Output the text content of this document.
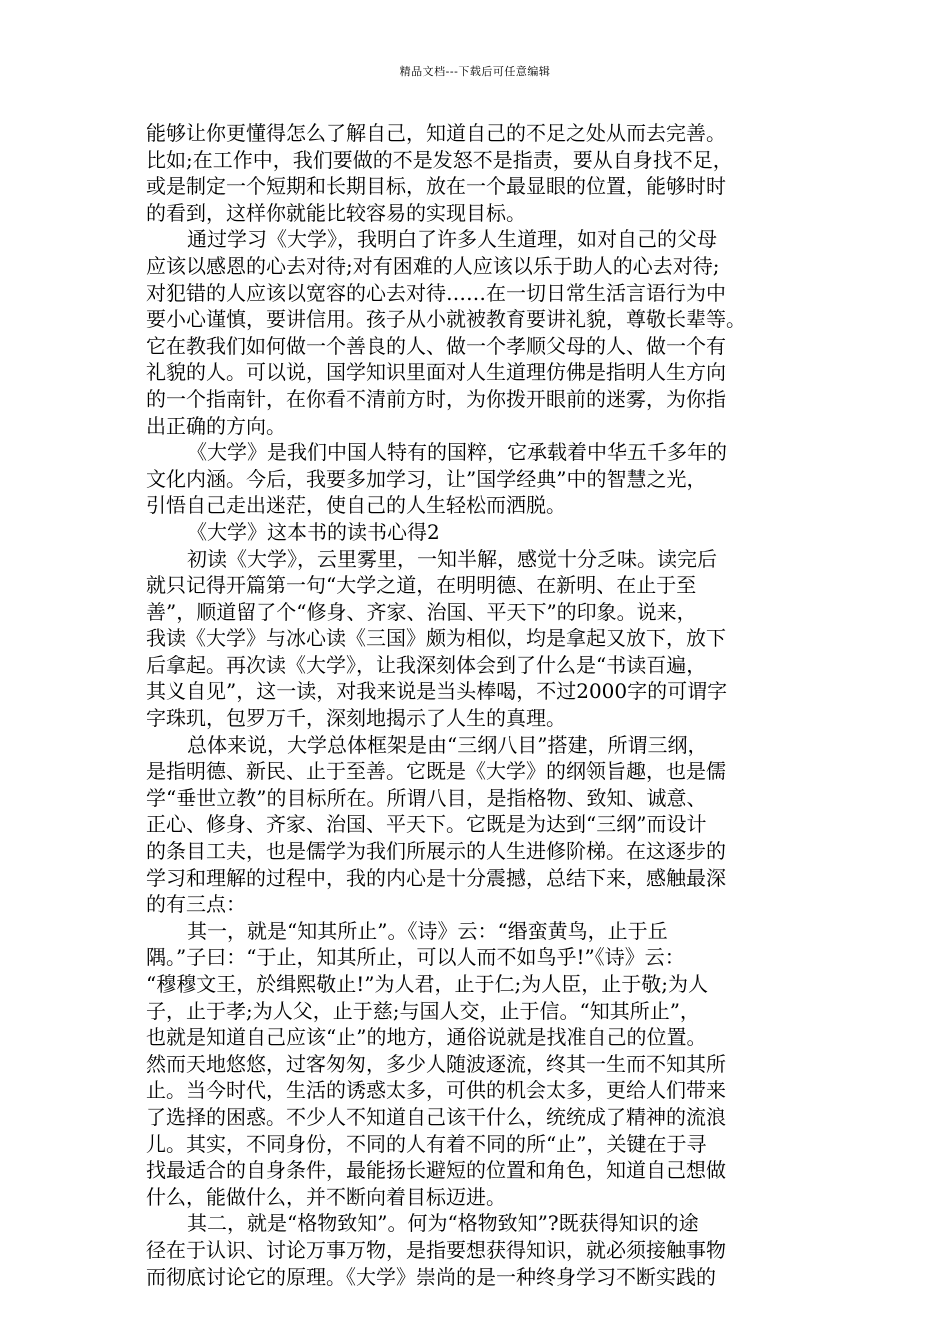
精品文档---下载后可任意编辑
能够让你更懂得怎么了解自己，知道自己的不足之处从而去完善。
比如;在工作中，我们要做的不是发怒不是指责，要从自身找不足，
或是制定一个短期和长期目标，放在一个最显眼的位置，能够时时
的看到，这样你就能比较容易的实现目标。
通过学习《大学》，我明白了许多人生道理，如对自己的父母
应该以感恩的心去对待;对有困难的人应该以乐于助人的心去对待;
对犯错的人应该以宽容的心去对待……在一切日常生活言语行为中
要小心谨慎，要讲信用。孩子从小就被教育要讲礼貌，尊敬长辈等。
它在教我们如何做一个善良的人、做一个孝顺父母的人、做一个有
礼貌的人。可以说，国学知识里面对人生道理仿佛是指明人生方向
的一个指南针，在你看不清前方时，为你拨开眼前的迷雾，为你指
出正确的方向。
《大学》是我们中国人特有的国粹，它承载着中华五千多年的
文化内涵。今后，我要多加学习，让”国学经典”中的智慧之光，
引悟自己走出迷茫，使自己的人生轻松而洒脱。
《大学》这本书的读书心得2
初读《大学》，云里雾里，一知半解，感觉十分乏味。读完后
就只记得开篇第一句“大学之道，在明明德、在新明、在止于至
善”，顺道留了个“修身、齐家、治国、平天下”的印象。说来，
我读《大学》与冰心读《三国》颇为相似，均是拿起又放下，放下
后拿起。再次读《大学》，让我深刻体会到了什么是“书读百遍，
其义自见”，这一读，对我来说是当头棒喝，不过2000字的可谓字
字珠玑，包罗万千，深刻地揭示了人生的真理。
总体来说，大学总体框架是由“三纲八目”搭建，所谓三纲，
是指明德、新民、止于至善。它既是《大学》的纲领旨趣，也是儒
学“垂世立教”的目标所在。所谓八目，是指格物、致知、诚意、
正心、修身、齐家、治国、平天下。它既是为达到“三纲”而设计
的条目工夫，也是儒学为我们所展示的人生进修阶梯。在这逐步的
学习和理解的过程中，我的内心是十分震撼，总结下来，感触最深
的有三点：
其一，就是“知其所止”。《诗》云：“缗蛮黄鸟，止于丘
隅。”子曰：“于止，知其所止，可以人而不如鸟乎!”《诗》云：
“穆穆文王，於缉熙敬止!”为人君，止于仁;为人臣，止于敬;为人
子，止于孝;为人父，止于慈;与国人交，止于信。“知其所止”，
也就是知道自己应该“止”的地方，通俗说就是找准自己的位置。
然而天地悠悠，过客匆匆，多少人随波逐流，终其一生而不知其所
止。当今时代，生活的诱惑太多，可供的机会太多，更给人们带来
了选择的困惑。不少人不知道自己该干什么，统统成了精神的流浪
儿。其实，不同身份，不同的人有着不同的所“止”，关键在于寻
找最适合的自身条件，最能扬长避短的位置和角色，知道自己想做
什么，能做什么，并不断向着目标迈进。
其二，就是“格物致知”。何为“格物致知”?既获得知识的途
径在于认识、讨论万事万物，是指要想获得知识，就必须接触事物
而彻底讨论它的原理。《大学》崇尚的是一种终身学习不断实践的
